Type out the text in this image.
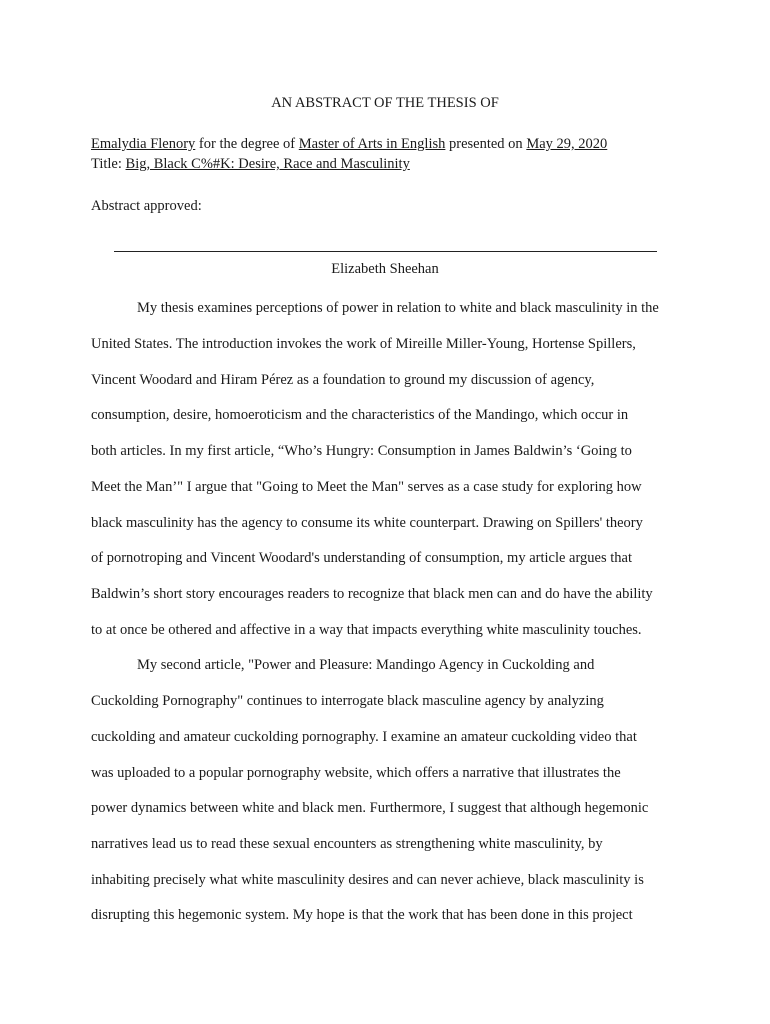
AN ABSTRACT OF THE THESIS OF
Emalydia Flenory for the degree of Master of Arts in English presented on May 29, 2020
Title: Big, Black C%#K: Desire, Race and Masculinity
Abstract approved:
Elizabeth Sheehan
My thesis examines perceptions of power in relation to white and black masculinity in the
United States. The introduction invokes the work of Mireille Miller-Young, Hortense Spillers,
Vincent Woodard and Hiram Pérez as a foundation to ground my discussion of agency,
consumption, desire, homoeroticism and the characteristics of the Mandingo, which occur in
both articles. In my first article, “Who’s Hungry: Consumption in James Baldwin’s ‘Going to
Meet the Man’" I argue that "Going to Meet the Man" serves as a case study for exploring how
black masculinity has the agency to consume its white counterpart. Drawing on Spillers' theory
of pornotroping and Vincent Woodard's understanding of consumption, my article argues that
Baldwin’s short story encourages readers to recognize that black men can and do have the ability
to at once be othered and affective in a way that impacts everything white masculinity touches.
My second article, "Power and Pleasure: Mandingo Agency in Cuckolding and
Cuckolding Pornography" continues to interrogate black masculine agency by analyzing
cuckolding and amateur cuckolding pornography. I examine an amateur cuckolding video that
was uploaded to a popular pornography website, which offers a narrative that illustrates the
power dynamics between white and black men. Furthermore, I suggest that although hegemonic
narratives lead us to read these sexual encounters as strengthening white masculinity, by
inhabiting precisely what white masculinity desires and can never achieve, black masculinity is
disrupting this hegemonic system. My hope is that the work that has been done in this project
